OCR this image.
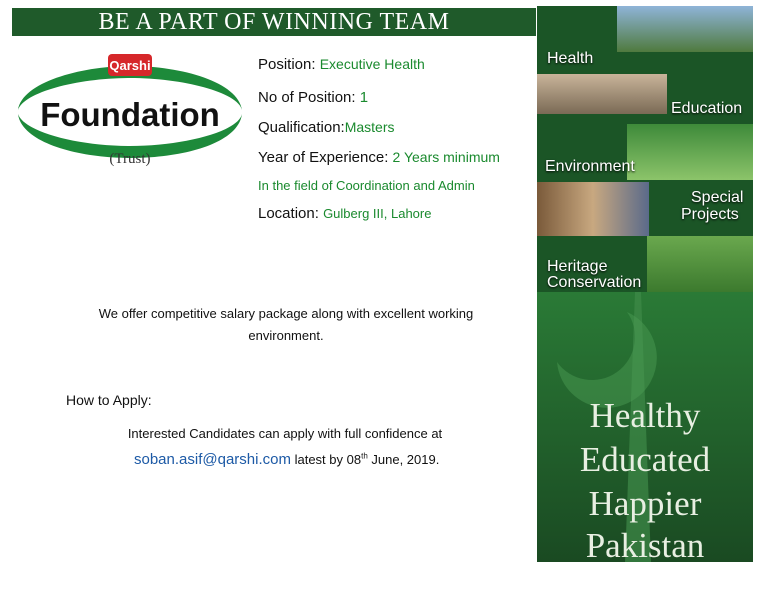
BE A PART OF WINNING TEAM
Qarshi
Foundation
(Trust)
Position: Executive Health
No of Position: 1
Qualification:Masters
Year of Experience: 2 Years minimum
In the field of Coordination and Admin
Location: Gulberg III, Lahore
We offer competitive salary package along with excellent working environment.
How to Apply:
Interested Candidates can apply with full confidence at
soban.asif@qarshi.com latest by 08th June, 2019.
Health
Education
Environment
Special
Projects
Heritage
Conservation
Healthy
Educated
Happier
Pakistan
